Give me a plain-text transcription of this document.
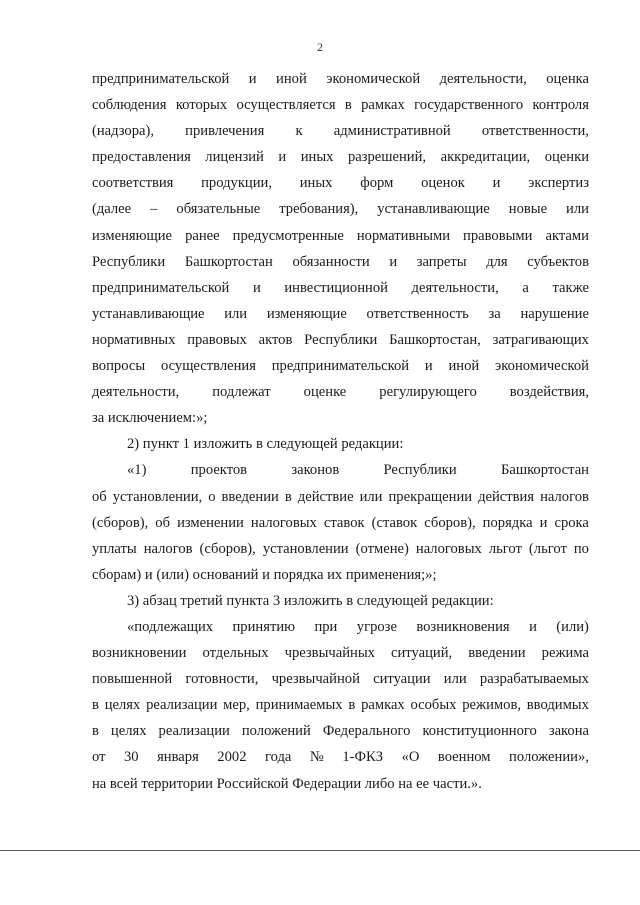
2
предпринимательской и иной экономической деятельности, оценка
соблюдения которых осуществляется в рамках государственного контроля
(надзора), привлечения к административной ответственности,
предоставления лицензий и иных разрешений, аккредитации, оценки
соответствия продукции, иных форм оценок и экспертиз
(далее – обязательные требования), устанавливающие новые или
изменяющие ранее предусмотренные нормативными правовыми актами
Республики Башкортостан обязанности и запреты для субъектов
предпринимательской и инвестиционной деятельности, а также
устанавливающие или изменяющие ответственность за нарушение
нормативных правовых актов Республики Башкортостан, затрагивающих
вопросы осуществления предпринимательской и иной экономической
деятельности, подлежат оценке регулирующего воздействия,
за исключением:»;
2) пункт 1 изложить в следующей редакции:
«1)	проектов	законов	Республики	Башкортостан
об установлении, о введении в действие или прекращении действия налогов
(сборов), об изменении налоговых ставок (ставок сборов), порядка и срока
уплаты налогов (сборов), установлении (отмене) налоговых льгот (льгот по
сборам) и (или) оснований и порядка их применения;»;
3) абзац третий пункта 3 изложить в следующей редакции:
«подлежащих принятию при угрозе возникновения и (или)
возникновении отдельных чрезвычайных ситуаций, введении режима
повышенной готовности, чрезвычайной ситуации или разрабатываемых
в целях реализации мер, принимаемых в рамках особых режимов, вводимых
в целях реализации положений Федерального конституционного закона
от 30 января 2002 года № 1-ФКЗ «О военном положении»,
на всей территории Российской Федерации либо на ее части.».
